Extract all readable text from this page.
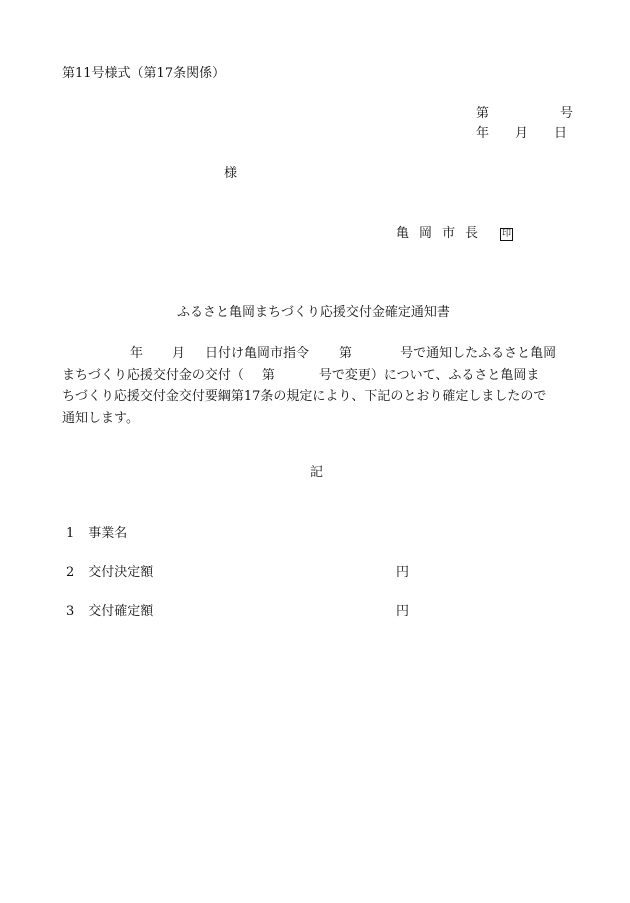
第11号様式（第17条関係）
第	号
年 月 日
様
亀 岡 市 長	印
ふるさと亀岡まちづくり応援交付金確定通知書
年 月 日付け亀岡市指令 第	号で通知したふるさと亀岡
まちづくり応援交付金の交付（ 第	号で変更）について、ふるさと亀岡ま
ちづくり応援交付金交付要綱第17条の規定により、下記のとおり確定しましたので
通知します。
記
1 事業名
2 交付決定額	円
3 交付確定額	円
